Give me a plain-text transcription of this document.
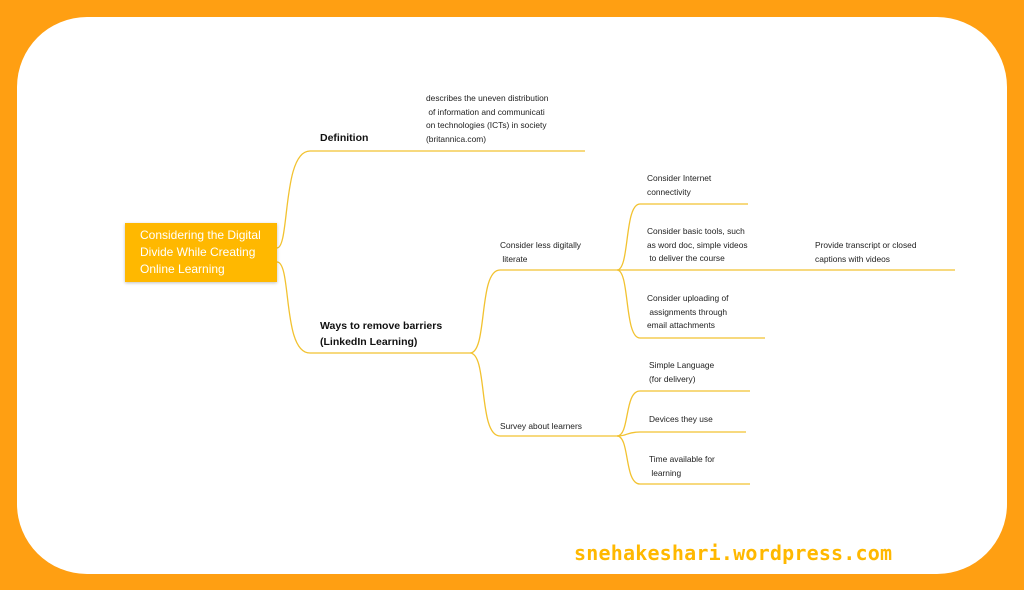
Considering the Digital
Divide While Creating
Online Learning
Definition
describes the uneven distribution
of information and communicati
on technologies (ICTs) in society
(britannica.com)
Ways to remove barriers
(LinkedIn Learning)
Consider less digitally
literate
Consider Internet
connectivity
Consider basic tools, such
as word doc, simple videos
to deliver the course
Provide transcript or closed
captions with videos
Consider uploading of
assignments through
email attachments
Survey about learners
Simple Language
(for delivery)
Devices they use
Time available for
learning
snehakeshari.wordpress.com
